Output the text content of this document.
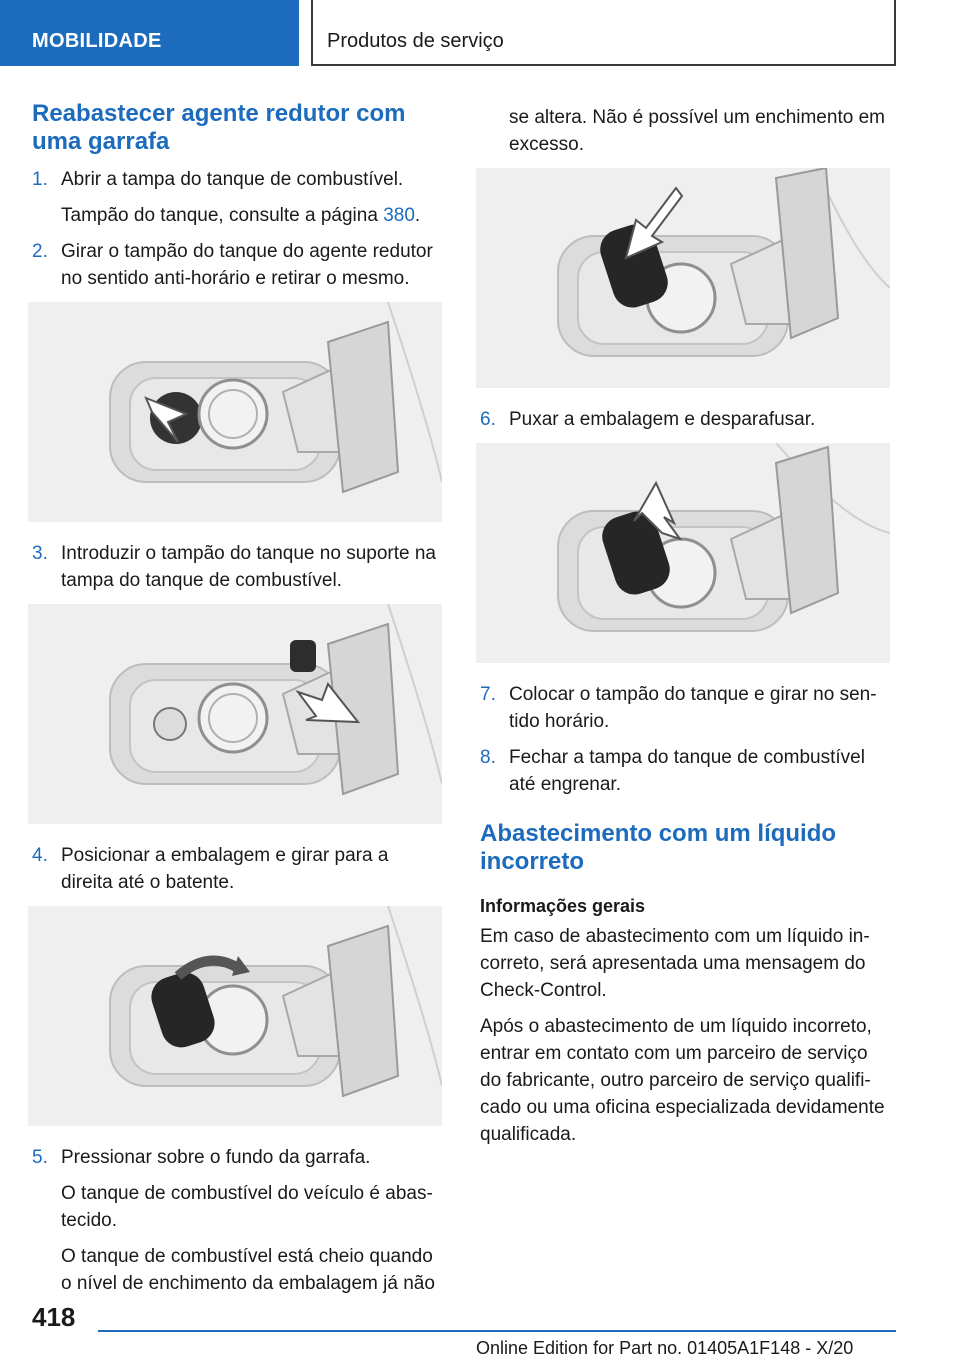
MOBILIDADE	Produtos de serviço
Reabastecer agente redutor com uma garrafa
1. Abrir a tampa do tanque de combustível.
Tampão do tanque, consulte a página 380.
2. Girar o tampão do tanque do agente redutor no sentido anti-horário e retirar o mesmo.
3. Introduzir o tampão do tanque no suporte na tampa do tanque de combustível.
4. Posicionar a embalagem e girar para a direita até o batente.
5. Pressionar sobre o fundo da garrafa.
O tanque de combustível do veículo é abas-tecido.
O tanque de combustível está cheio quando o nível de enchimento da embalagem já não
se altera. Não é possível um enchimento em excesso.
6. Puxar a embalagem e desparafusar.
7. Colocar o tampão do tanque e girar no sen-tido horário.
8. Fechar a tampa do tanque de combustível até engrenar.
Abastecimento com um líquido incorreto
Informações gerais
Em caso de abastecimento com um líquido in-correto, será apresentada uma mensagem do Check-Control.
Após o abastecimento de um líquido incorreto, entrar em contato com um parceiro de serviço do fabricante, outro parceiro de serviço qualifi-cado ou uma oficina especializada devidamente qualificada.
418
Online Edition for Part no. 01405A1F148 - X/20
